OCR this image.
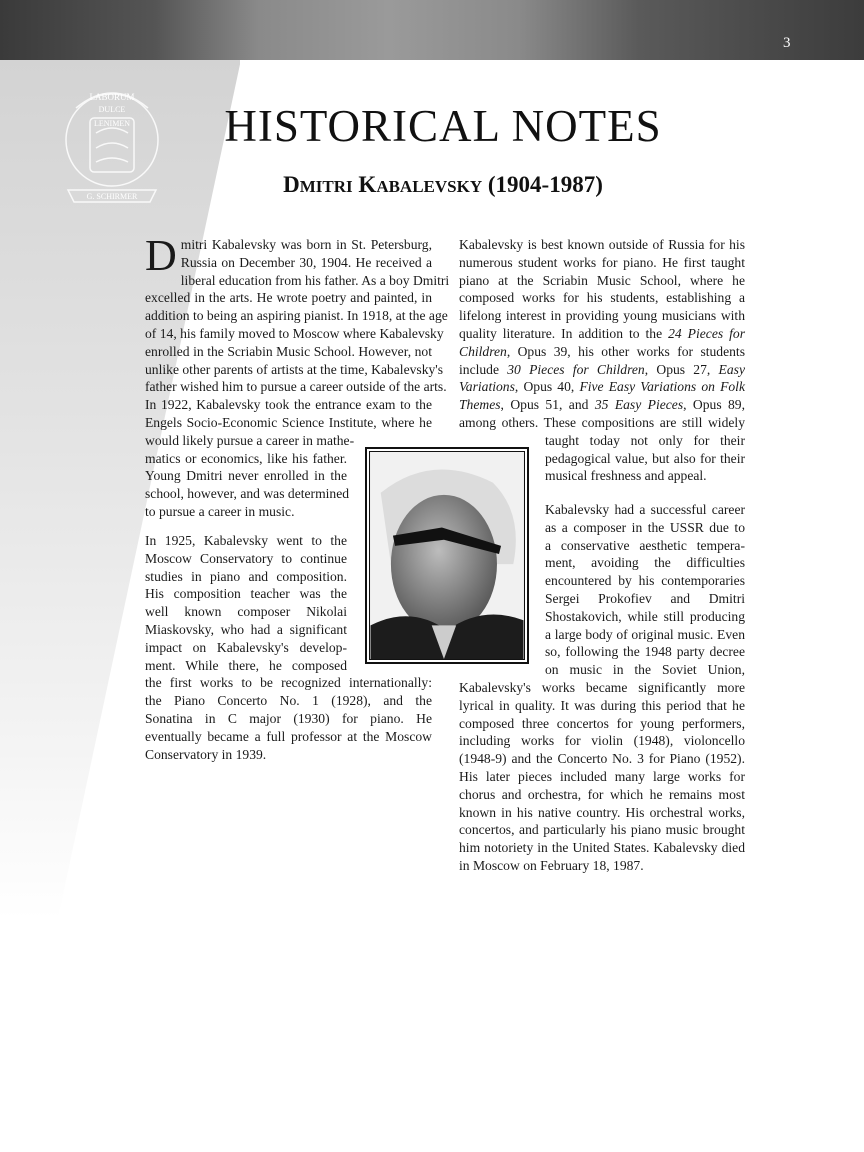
3
LABORUM
DULCE
LENIMEN
G. SCHIRMER
HISTORICAL NOTES
DMITRI KABALEVSKY (1904-1987)
D mitri Kabalevsky was born in St. Petersburg,
Russia on December 30, 1904. He received a
liberal education from his father. As a boy Dmitri
excelled in the arts. He wrote poetry and painted, in
addition to being an aspiring pianist. In 1918, at the age
of 14, his family moved to Moscow where Kabalevsky
enrolled in the Scriabin Music School. However, not
unlike other parents of artists at the time, Kabalevsky's
father wished him to pursue a career outside of the arts.
In 1922, Kabalevsky took the entrance exam to the
Engels Socio-Economic Science Institute, where he
would likely pursue a career in mathe-
matics or economics, like his father.
Young Dmitri never enrolled in the
school, however, and was determined
to pursue a career in music.
In 1925, Kabalevsky went to the
Moscow Conservatory to continue
studies in piano and composition.
His composition teacher was the
well known composer Nikolai
Miaskovsky, who had a significant
impact on Kabalevsky's develop-
ment. While there, he composed
the first works to be recognized internationally:
the Piano Concerto No. 1 (1928), and the
Sonatina in C major (1930) for piano. He
eventually became a full professor at the Moscow
Conservatory in 1939.
Kabalevsky is best known outside of Russia for his
numerous student works for piano. He first taught
piano at the Scriabin Music School, where he
composed works for his students, establishing a
lifelong interest in providing young musicians with
quality literature. In addition to the 24 Pieces for
Children, Opus 39, his other works for students
include 30 Pieces for Children, Opus 27, Easy
Variations, Opus 40, Five Easy Variations on Folk
Themes, Opus 51, and 35 Easy Pieces, Opus 89,
among others. These compositions are still widely
taught today not only for their
pedagogical value, but also for their
musical freshness and appeal.
Kabalevsky had a successful career
as a composer in the USSR due to
a conservative aesthetic tempera-
ment, avoiding the difficulties
encountered by his contemporaries
Sergei Prokofiev and Dmitri
Shostakovich, while still producing
a large body of original music. Even
so, following the 1948 party decree
on music in the Soviet Union,
Kabalevsky's works became significantly more
lyrical in quality. It was during this period that he
composed three concertos for young performers,
including works for violin (1948), violoncello
(1948-9) and the Concerto No. 3 for Piano (1952).
His later pieces included many large works for
chorus and orchestra, for which he remains most
known in his native country. His orchestral works,
concertos, and particularly his piano music brought
him notoriety in the United States. Kabalevsky died
in Moscow on February 18, 1987.
